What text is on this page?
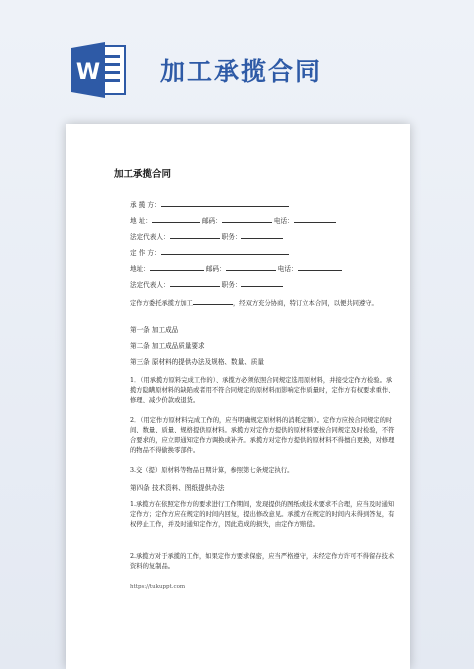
W 加工承揽合同
加工承揽合同
承 揽 方：
地 址：	邮码：	电话：
法定代表人：	职务：
定 作 方：
地址：	邮码：	电话：
法定代表人：	职务：
定作方委托承揽方加工	，经双方充分协商，特订立本合同，以便共同遵守。
第一条 加工成品
第二条 加工成品质量要求
第三条 原材料的提供办法及规格、数量、质量
1．（用承揽方原料完成工作的）、承揽方必须依照合同规定选用原材料，并接受定作方检验。承揽方隐瞒原材料的缺陷或者用不符合同规定的原材料而影响定作质量时，定作方有权要求重作、修理、减少价款或退货。
2．（用定作方原材料完成工作的，应当明确规定原材料的消耗定额）。定作方应按合同规定的时间、数量、质量、规格提供原材料。承揽方对定作方提供的原材料要按合同规定及时检验，不符合要求的，应立即通知定作方调换或补齐。承揽方对定作方提供的原材料不得擅自更换，对修理的物品不得偷换零部件。
3.交（提）原材料等物品日期计算，参照第七条规定执行。
第四条 技术资料、图纸提供办法
1.承揽方在依照定作方的要求进行工作期间，发现提供的图纸或技术要求不合理，应当及时通知定作方；定作方应在规定的时间内回复，提出修改意见。承揽方在规定的时间内未得到答复，有权停止工作，并及时通知定作方，因此造成的损失，由定作方赔偿。
2.承揽方对于承揽的工作，如果定作方要求保密，应当严格遵守，未经定作方许可不得留存技术资料的复制品。
https://tukuppt.com
